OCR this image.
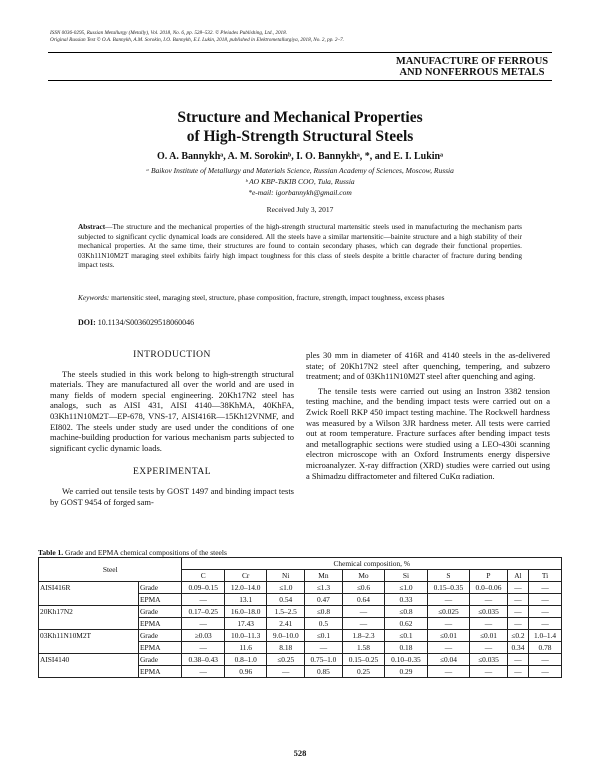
ISSN 0036-0295, Russian Metallurgy (Metally), Vol. 2018, No. 6, pp. 528–532. © Pleiades Publishing, Ltd., 2018.
Original Russian Text © O.A. Bannykh, A.M. Sorokin, I.O. Bannykh, E.I. Lukin, 2018, published in Elektrometallurgiya, 2018, No. 2, pp. 2–7.
MANUFACTURE OF FERROUS
AND NONFERROUS METALS
Structure and Mechanical Properties
of High-Strength Structural Steels
O. A. Bannykhᵃ, A. M. Sorokinᵇ, I. O. Bannykhᵃ, *, and E. I. Lukinᵃ
ᵃ Baikov Institute of Metallurgy and Materials Science, Russian Academy of Sciences, Moscow, Russia
ᵇ AO KBP-TsKIB COO, Tula, Russia
*e-mail: igorbannykh@gmail.com
Received July 3, 2017
Abstract—The structure and the mechanical properties of the high-strength structural martensitic steels used in manufacturing the mechanism parts subjected to significant cyclic dynamical loads are considered. All the steels have a similar martensitic—bainite structure and a high stability of their mechanical properties. At the same time, their structures are found to contain secondary phases, which can degrade their functional properties. 03Kh11N10M2T maraging steel exhibits fairly high impact toughness for this class of steels despite a brittle character of fracture during bending impact tests.
Keywords: martensitic steel, maraging steel, structure, phase composition, fracture, strength, impact toughness, excess phases
DOI: 10.1134/S0036029518060046
INTRODUCTION

The steels studied in this work belong to high-strength structural materials. They are manufactured all over the world and are used in many fields of modern special engineering. 20Kh17N2 steel has analogs, such as AISI 431, AISI 4140—38KhMA, 40KhFA, 03Kh11N10M2T—EP-678, VNS-17, AISI416R—15Kh12VNMF, and EI802. The steels under study are used under the conditions of one machine-building production for various mechanism parts subjected to significant cyclic dynamic loads.

EXPERIMENTAL

We carried out tensile tests by GOST 1497 and binding impact tests by GOST 9454 of forged sam-

ples 30 mm in diameter of 416R and 4140 steels in the as-delivered state; of 20Kh17N2 steel after quenching, tempering, and subzero treatment; and of 03Kh11N10M2T steel after quenching and aging.

The tensile tests were carried out using an Instron 3382 tension testing machine, and the bending impact tests were carried out on a Zwick Roell RKP 450 impact testing machine. The Rockwell hardness was measured by a Wilson 3JR hardness meter. All tests were carried out at room temperature. Fracture surfaces after bending impact tests and metallographic sections were studied using a LEO-430i scanning electron microscope with an Oxford Instruments energy dispersive microanalyzer. X-ray diffraction (XRD) studies were carried out using a Shimadzu diffractometer and filtered CuKα radiation.

Table 1. Grade and EPMA chemical compositions of the steels
Steel		Chemical composition, %									
		C	Cr	Ni	Mn	Mo	Si	S	P	Al	Ti
AISI416R	Grade	0.09–0.15	12.0–14.0	≤1.0	≤1.3	≤0.6	≤1.0	0.15–0.35	0.0–0.06	—	—
	EPMA	—	13.1	0.54	0.47	0.64	0.33	—	—	—	—
20Kh17N2	Grade	0.17–0.25	16.0–18.0	1.5–2.5	≤0.8	—	≤0.8	≤0.025	≤0.035	—	—
	EPMA	—	17.43	2.41	0.5	—	0.62	—	—	—	—
03Kh11N10M2T	Grade	≥0.03	10.0–11.3	9.0–10.0	≤0.1	1.8–2.3	≤0.1	≤0.01	≤0.01	≤0.2	1.0–1.4
	EPMA	—	11.6	8.18	—	1.58	0.18	—	—	0.34	0.78
AISI4140	Grade	0.38–0.43	0.8–1.0	≤0.25	0.75–1.0	0.15–0.25	0.10–0.35	≤0.04	≤0.035	—	—
	EPMA	—	0.96	—	0.85	0.25	0.29	—	—	—	—
528
